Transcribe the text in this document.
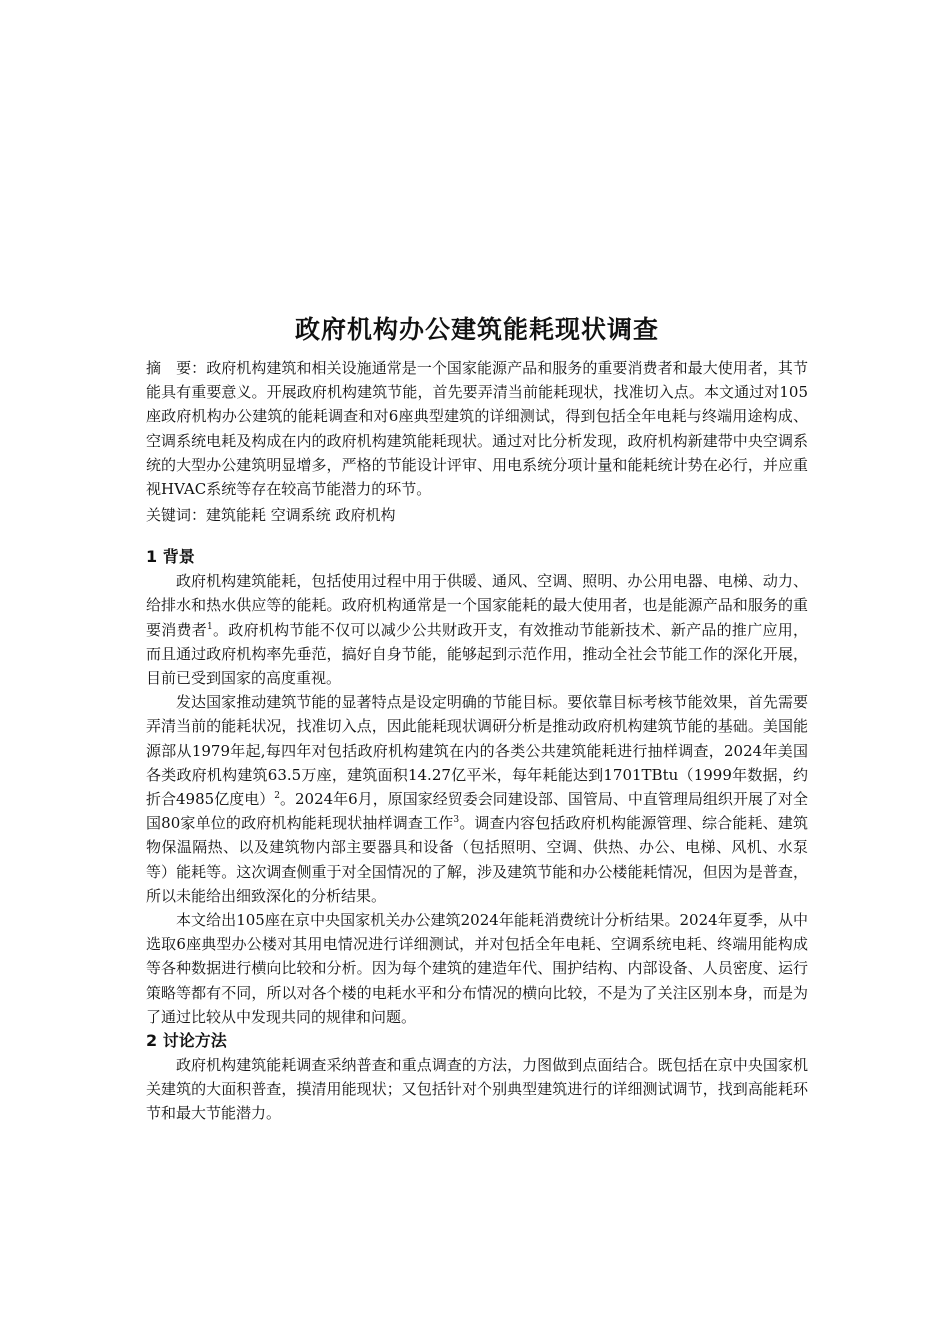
政府机构办公建筑能耗现状调查

摘　要：政府机构建筑和相关设施通常是一个国家能源产品和服务的重要消费者和最大使用者，其节能具有重要意义。开展政府机构建筑节能，首先要弄清当前能耗现状，找准切入点。本文通过对105座政府机构办公建筑的能耗调查和对6座典型建筑的详细测试，得到包括全年电耗与终端用途构成、空调系统电耗及构成在内的政府机构建筑能耗现状。通过对比分析发现，政府机构新建带中央空调系统的大型办公建筑明显增多，严格的节能设计评审、用电系统分项计量和能耗统计势在必行，并应重视HVAC系统等存在较高节能潜力的环节。

关键词：建筑能耗 空调系统 政府机构

1 背景

政府机构建筑能耗，包括使用过程中用于供暖、通风、空调、照明、办公用电器、电梯、动力、给排水和热水供应等的能耗。政府机构通常是一个国家能耗的最大使用者，也是能源产品和服务的重要消费者$^1$。政府机构节能不仅可以减少公共财政开支，有效推动节能新技术、新产品的推广应用，而且通过政府机构率先垂范，搞好自身节能，能够起到示范作用，推动全社会节能工作的深化开展，目前已受到国家的高度重视。

发达国家推动建筑节能的显著特点是设定明确的节能目标。要依靠目标考核节能效果，首先需要弄清当前的能耗状况，找准切入点，因此能耗现状调研分析是推动政府机构建筑节能的基础。美国能源部从1979年起,每四年对包括政府机构建筑在内的各类公共建筑能耗进行抽样调查，2024年美国各类政府机构建筑63.5万座，建筑面积14.27亿平米，每年耗能达到1701TBtu（1999年数据，约折合4985亿度电）$^2$。2024年6月，原国家经贸委会同建设部、国管局、中直管理局组织开展了对全国80家单位的政府机构能耗现状抽样调查工作$^3$。调查内容包括政府机构能源管理、综合能耗、建筑物保温隔热、以及建筑物内部主要器具和设备（包括照明、空调、供热、办公、电梯、风机、水泵等）能耗等。这次调查侧重于对全国情况的了解，涉及建筑节能和办公楼能耗情况，但因为是普查，所以未能给出细致深化的分析结果。

本文给出105座在京中央国家机关办公建筑2024年能耗消费统计分析结果。2024年夏季，从中选取6座典型办公楼对其用电情况进行详细测试，并对包括全年电耗、空调系统电耗、终端用能构成等各种数据进行横向比较和分析。因为每个建筑的建造年代、围护结构、内部设备、人员密度、运行策略等都有不同，所以对各个楼的电耗水平和分布情况的横向比较，不是为了关注区别本身，而是为了通过比较从中发现共同的规律和问题。

2 讨论方法

政府机构建筑能耗调查采纳普查和重点调查的方法，力图做到点面结合。既包括在京中央国家机关建筑的大面积普查，摸清用能现状；又包括针对个别典型建筑进行的详细测试调节，找到高能耗环节和最大节能潜力。
